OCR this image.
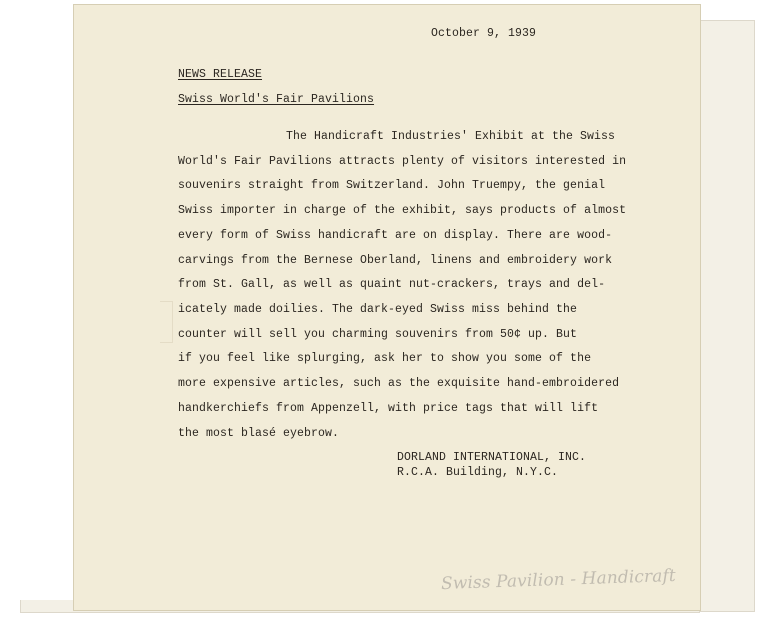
October 9, 1939
NEWS RELEASE
Swiss World's Fair Pavilions
The Handicraft Industries' Exhibit at the Swiss
World's Fair Pavilions attracts plenty of visitors interested in
souvenirs straight from Switzerland. John Truempy, the genial
Swiss importer in charge of the exhibit, says products of almost
every form of Swiss handicraft are on display. There are wood-
carvings from the Bernese Oberland, linens and embroidery work
from St. Gall, as well as quaint nut-crackers, trays and del-
icately made doilies. The dark-eyed Swiss miss behind the
counter will sell you charming souvenirs from 50¢ up. But
if you feel like splurging, ask her to show you some of the
more expensive articles, such as the exquisite hand-embroidered
handkerchiefs from Appenzell, with price tags that will lift
the most blasé eyebrow.
DORLAND INTERNATIONAL, INC.
R.C.A. Building, N.Y.C.
Swiss Pavilion - Handicraft
